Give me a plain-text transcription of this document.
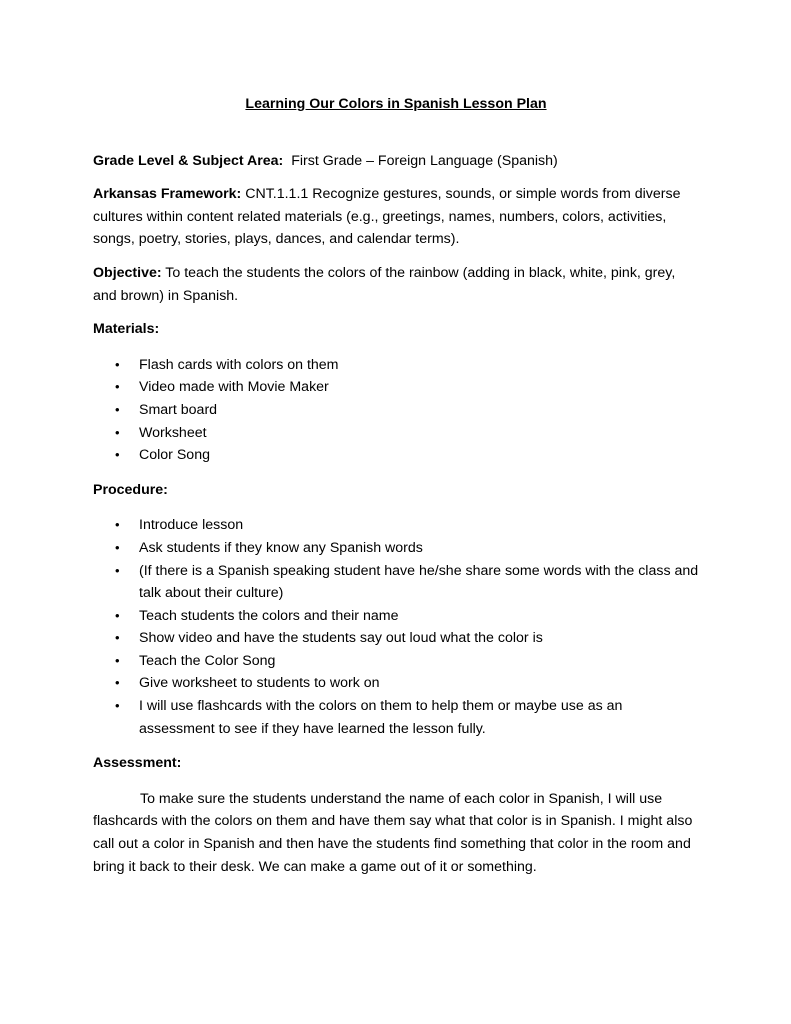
Learning Our Colors in Spanish Lesson Plan

Grade Level & Subject Area: First Grade – Foreign Language (Spanish)

Arkansas Framework: CNT.1.1.1 Recognize gestures, sounds, or simple words from diverse cultures within content related materials (e.g., greetings, names, numbers, colors, activities, songs, poetry, stories, plays, dances, and calendar terms).

Objective: To teach the students the colors of the rainbow (adding in black, white, pink, grey, and brown) in Spanish.

Materials:
• Flash cards with colors on them
• Video made with Movie Maker
• Smart board
• Worksheet
• Color Song
Procedure:
• Introduce lesson
• Ask students if they know any Spanish words
• (If there is a Spanish speaking student have he/she share some words with the class and talk about their culture)
• Teach students the colors and their name
• Show video and have the students say out loud what the color is
• Teach the Color Song
• Give worksheet to students to work on
• I will use flashcards with the colors on them to help them or maybe use as an assessment to see if they have learned the lesson fully.
Assessment:

To make sure the students understand the name of each color in Spanish, I will use flashcards with the colors on them and have them say what that color is in Spanish. I might also call out a color in Spanish and then have the students find something that color in the room and bring it back to their desk. We can make a game out of it or something.
